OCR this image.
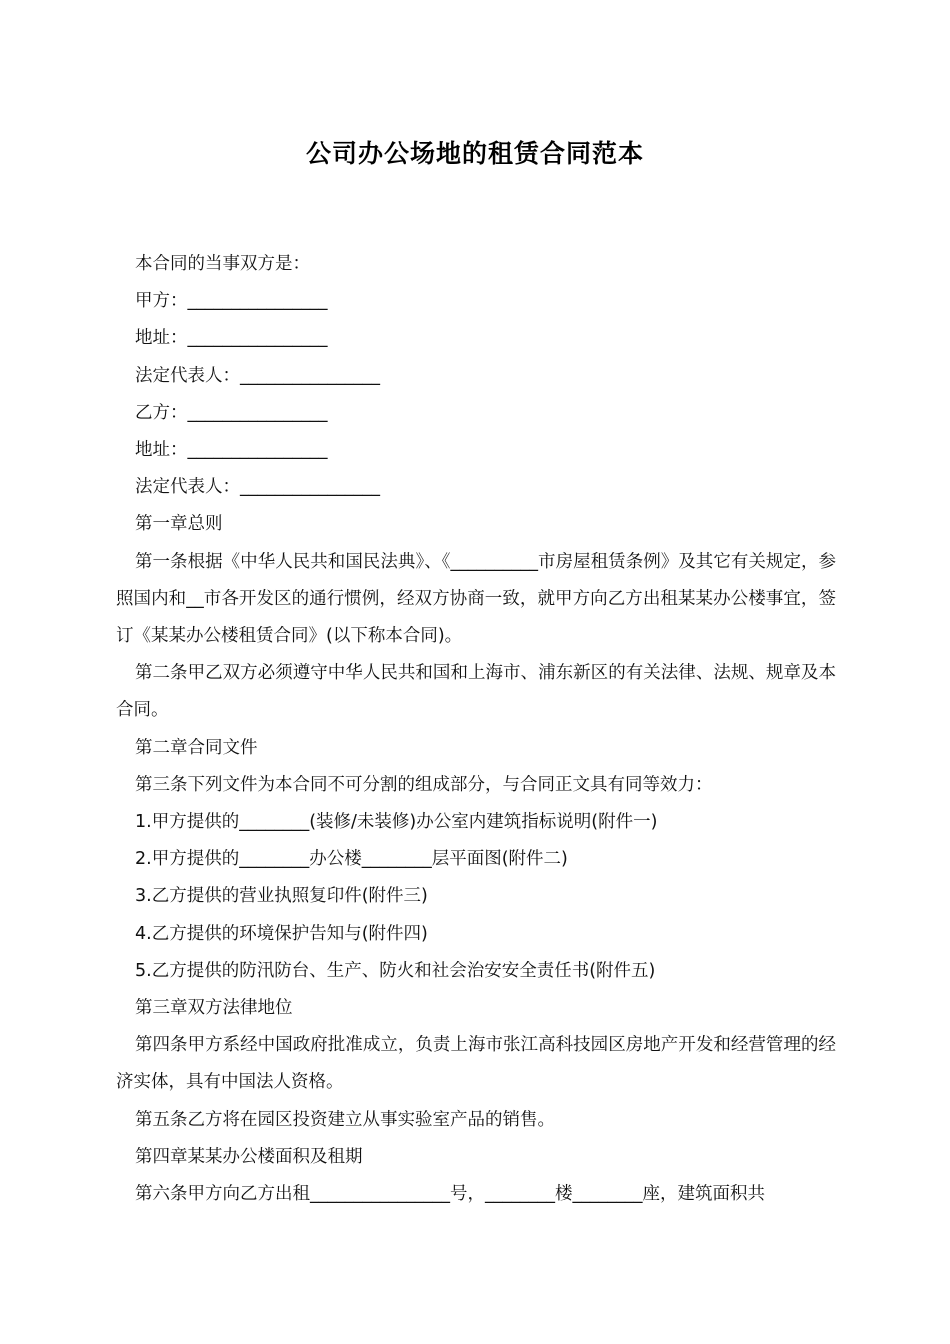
公司办公场地的租赁合同范本

本合同的当事双方是：

甲方：________________

地址：________________

法定代表人：________________

乙方：________________

地址：________________

法定代表人：________________

第一章总则

第一条根据《中华人民共和国民法典》、《__________市房屋租赁条例》及其它有关规定，参照国内和__市各开发区的通行惯例，经双方协商一致，就甲方向乙方出租某某办公楼事宜，签订《某某办公楼租赁合同》(以下称本合同)。

第二条甲乙双方必须遵守中华人民共和国和上海市、浦东新区的有关法律、法规、规章及本合同。

第二章合同文件

第三条下列文件为本合同不可分割的组成部分，与合同正文具有同等效力：

1.甲方提供的________(装修/未装修)办公室内建筑指标说明(附件一)

2.甲方提供的________办公楼________层平面图(附件二)

3.乙方提供的营业执照复印件(附件三)

4.乙方提供的环境保护告知与(附件四)

5.乙方提供的防汛防台、生产、防火和社会治安安全责任书(附件五)

第三章双方法律地位

第四条甲方系经中国政府批准成立，负责上海市张江高科技园区房地产开发和经营管理的经济实体，具有中国法人资格。

第五条乙方将在园区投资建立从事实验室产品的销售。

第四章某某办公楼面积及租期

第六条甲方向乙方出租________________号，________楼________座，建筑面积共
